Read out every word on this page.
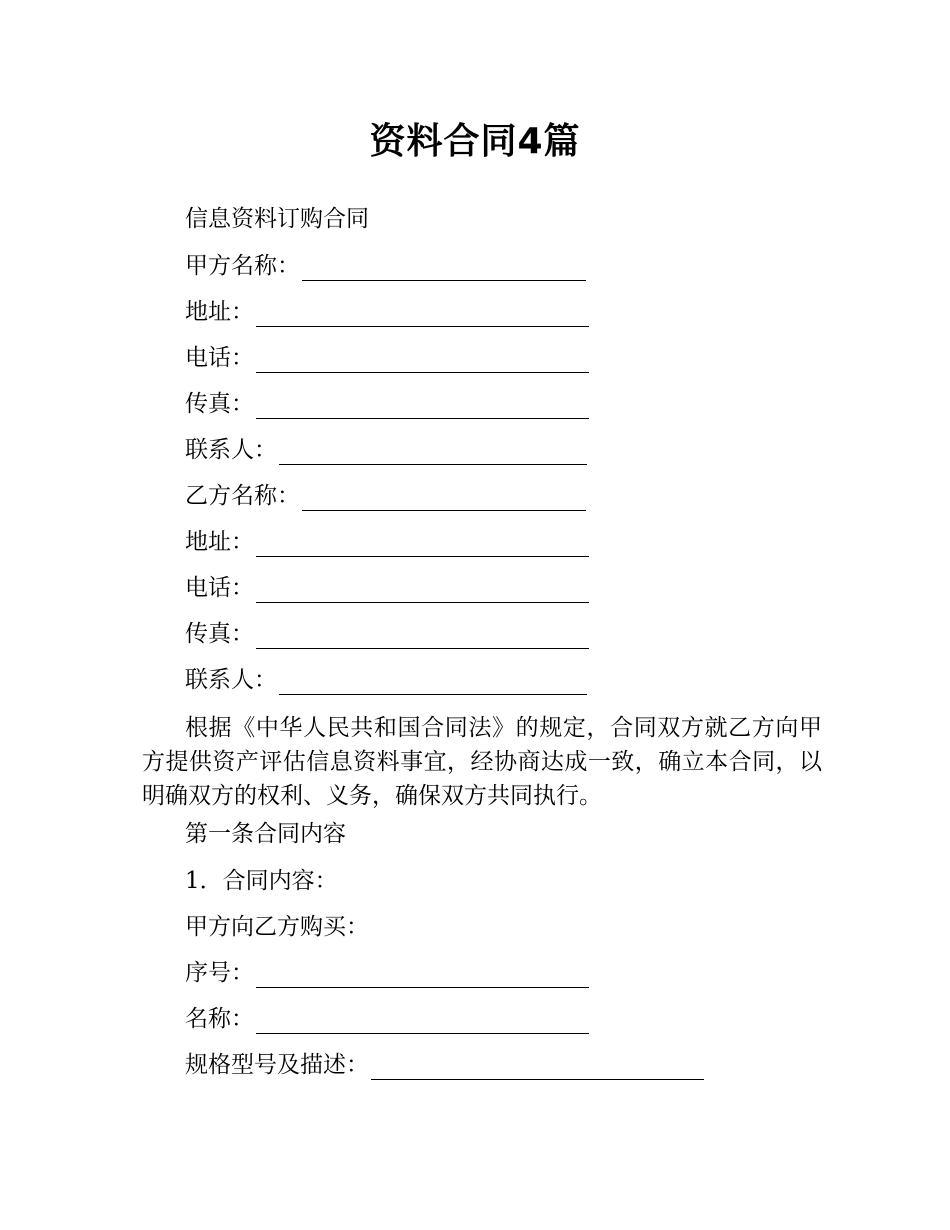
资料合同4篇
信息资料订购合同
甲方名称：
地址：
电话：
传真：
联系人：
乙方名称：
地址：
电话：
传真：
联系人：
根据《中华人民共和国合同法》的规定，合同双方就乙方向甲方提供资产评估信息资料事宜，经协商达成一致，确立本合同，以明确双方的权利、义务，确保双方共同执行。
第一条合同内容
1．合同内容：
甲方向乙方购买：
序号：
名称：
规格型号及描述：
